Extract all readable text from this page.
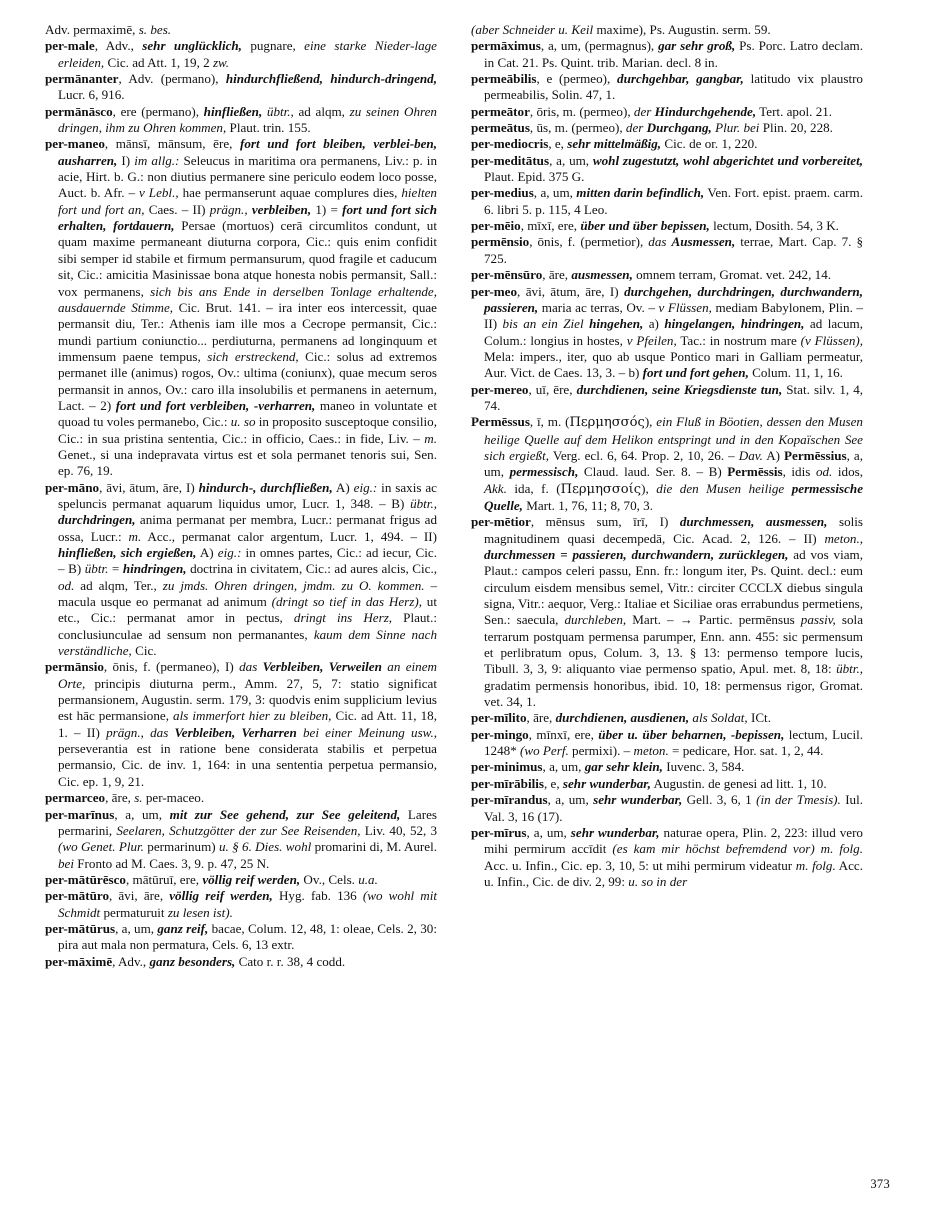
Adv. permaximē, s. bes.

per-male, Adv., sehr unglücklich, pugnare, eine starke Nieder-lage erleiden, Cic. ad Att. 1, 19, 2 zw.

permānanter, Adv. (permano), hindurchfließend, hindurch-dringend, Lucr. 6, 916.

permānāsco, ere (permano), hinfließen, übtr., ad alqm, zu seinen Ohren dringen, ihm zu Ohren kommen, Plaut. trin. 155.

per-maneo, mānsī, mānsum, ēre, fort und fort bleiben, verblei-ben, ausharren, I) im allg.: Seleucus in maritima ora permanens, Liv.: p. in acie, Hirt. b. G.: non diutius permanere sine periculo eodem loco posse, Auct. b. Afr. – v Lebl., hae permanserunt aquae complures dies, hielten fort und fort an, Caes. – II) prägn., verbleiben, 1) = fort und fort sich erhalten, fortdauern, Persae (mortuos) cerā circumlitos condunt, ut quam maxime permaneant diuturna corpora, Cic.: quis enim confidit sibi semper id stabile et firmum permansurum, quod fragile et caducum sit, Cic.: amicitia Masinissae bona atque honesta nobis permansit, Sall.: vox permanens, sich bis ans Ende in derselben Tonlage erhaltende, ausdauernde Stimme, Cic. Brut. 141. – ira inter eos intercessit, quae permansit diu, Ter.: Athenis iam ille mos a Cecrope permansit, Cic.: mundi partium coniunctio... perdiuturna, permanens ad longinquum et immensum paene tempus, sich erstreckend, Cic.: solus ad extremos permanet ille (animus) rogos, Ov.: ultima (coniunx), quae mecum seros permansit in annos, Ov.: caro illa insolubilis et permanens in aeternum, Lact. – 2) fort und fort verbleiben, -verharren, maneo in voluntate et quoad tu voles permanebo, Cic.: u. so in proposito susceptoque consilio, Cic.: in sua pristina sententia, Cic.: in officio, Caes.: in fide, Liv. – m. Genet., si una indepravata virtus est et sola permanet tenoris sui, Sen. ep. 76, 19.

per-māno, āvi, ātum, āre, I) hindurch-, durchfließen, A) eig.: in saxis ac speluncis permanat aquarum liquidus umor, Lucr. 1, 348. – B) übtr., durchdringen, anima permanat per membra, Lucr.: permanat frigus ad ossa, Lucr.: m. Acc., permanat calor argentum, Lucr. 1, 494. – II) hinfließen, sich ergießen, A) eig.: in omnes partes, Cic.: ad iecur, Cic. – B) übtr. = hindringen, doctrina in civitatem, Cic.: ad aures alcis, Cic., od. ad alqm, Ter., zu jmds. Ohren dringen, jmdm. zu O. kommen. – macula usque eo permanat ad animum (dringt so tief in das Herz), ut etc., Cic.: permanat amor in pectus, dringt ins Herz, Plaut.: conclusiunculae ad sensum non permanantes, kaum dem Sinne nach verständliche, Cic.

permānsio, ōnis, f. (permaneo), I) das Verbleiben, Verweilen an einem Orte, principis diuturna perm., Amm. 27, 5, 7: statio significat permansionem, Augustin. serm. 179, 3: quodvis enim supplicium levius est hāc permansione, als immerfort hier zu bleiben, Cic. ad Att. 11, 18, 1. – II) prägn., das Verbleiben, Verharren bei einer Meinung usw., perseverantia est in ratione bene considerata stabilis et perpetua permansio, Cic. de inv. 1, 164: in una sententia perpetua permansio, Cic. ep. 1, 9, 21.

permarceo, āre, s. per-maceo.

per-marīnus, a, um, mit zur See gehend, zur See geleitend, Lares permarini, Seelaren, Schutzgötter der zur See Reisenden, Liv. 40, 52, 3 (wo Genet. Plur. permarinum) u. § 6. Dies. wohl promarini di, M. Aurel. bei Fronto ad M. Caes. 3, 9. p. 47, 25 N.

per-mātūrēsco, mātūruī, ere, völlig reif werden, Ov., Cels. u.a.

per-mātūro, āvi, āre, völlig reif werden, Hyg. fab. 136 (wo wohl mit Schmidt permaturuit zu lesen ist).

per-mātūrus, a, um, ganz reif, bacae, Colum. 12, 48, 1: oleae, Cels. 2, 30: pira aut mala non permatura, Cels. 6, 13 extr.

per-māximē, Adv., ganz besonders, Cato r. r. 38, 4 codd.

(aber Schneider u. Keil maxime), Ps. Augustin. serm. 59.

permāximus, a, um, (permagnus), gar sehr groß, Ps. Porc. Latro declam. in Cat. 21. Ps. Quint. trib. Marian. decl. 8 in.

permeābilis, e (permeo), durchgehbar, gangbar, latitudo vix plaustro permeabilis, Solin. 47, 1.

permeātor, ōris, m. (permeo), der Hindurchgehende, Tert. apol. 21.

permeātus, ūs, m. (permeo), der Durchgang, Plur. bei Plin. 20, 228.

per-mediocris, e, sehr mittelmäßig, Cic. de or. 1, 220.

per-meditātus, a, um, wohl zugestutzt, wohl abgerichtet und vorbereitet, Plaut. Epid. 375 G.

per-medius, a, um, mitten darin befindlich, Ven. Fort. epist. praem. carm. 6. libri 5. p. 115, 4 Leo.

per-mēio, mīxī, ere, über und über bepissen, lectum, Dosith. 54, 3 K.

permēnsio, ōnis, f. (permetior), das Ausmessen, terrae, Mart. Cap. 7. § 725.

per-mēnsūro, āre, ausmessen, omnem terram, Gromat. vet. 242, 14.

per-meo, āvi, ātum, āre, I) durchgehen, durchdringen, durchwandern, passieren, maria ac terras, Ov. – v Flüssen, mediam Babylonem, Plin. – II) bis an ein Ziel hingehen, a) hingelangen, hindringen, ad lacum, Colum.: longius in hostes, v Pfeilen, Tac.: in nostrum mare (v Flüssen), Mela: impers., iter, quo ab usque Pontico mari in Galliam permeatur, Aur. Vict. de Caes. 13, 3. – b) fort und fort gehen, Colum. 11, 1, 16.

per-mereo, uī, ēre, durchdienen, seine Kriegsdienste tun, Stat. silv. 1, 4, 74.

Permēssus, ī, m. (Περμησσός), ein Fluß in Böotien, dessen den Musen heilige Quelle auf dem Helikon entspringt und in den Kopaïschen See sich ergießt, Verg. ecl. 6, 64. Prop. 2, 10, 26. – Dav. A) Permēssius, a, um, permessisch, Claud. laud. Ser. 8. – B) Permēssis, idis od. idos, Akk. ida, f. (Περμησσοίς), die den Musen heilige permessische Quelle, Mart. 1, 76, 11; 8, 70, 3.

per-mētior, mēnsus sum, īrī, I) durchmessen, ausmessen, solis magnitudinem quasi decempedā, Cic. Acad. 2, 126. – II) meton., durchmessen = passieren, durchwandern, zurücklegen, ad vos viam, Plaut.: campos celeri passu, Enn. fr.: longum iter, Ps. Quint. decl.: eum circulum eisdem mensibus semel, Vitr.: circiter CCCLX diebus singula signa, Vitr.: aequor, Verg.: Italiae et Siciliae oras errabundus permetiens, Sen.: saecula, durchleben, Mart. – → Partic. permēnsus passiv, sola terrarum postquam permensa parumper, Enn. ann. 455: sic permensum et perlibratum opus, Colum. 3, 13. § 13: permenso tempore lucis, Tibull. 3, 3, 9: aliquanto viae permenso spatio, Apul. met. 8, 18: übtr., gradatim permensis honoribus, ibid. 10, 18: permensus rigor, Gromat. vet. 34, 1.

per-mīlito, āre, durchdienen, ausdienen, als Soldat, ICt.

per-mingo, mīnxī, ere, über u. über beharnen, -bepissen, lectum, Lucil. 1248* (wo Perf. permixi). – meton. = pedicare, Hor. sat. 1, 2, 44.

per-minimus, a, um, gar sehr klein, Iuvenc. 3, 584.

per-mīrābilis, e, sehr wunderbar, Augustin. de genesi ad litt. 1, 10.

per-mīrandus, a, um, sehr wunderbar, Gell. 3, 6, 1 (in der Tmesis). Iul. Val. 3, 16 (17).

per-mīrus, a, um, sehr wunderbar, naturae opera, Plin. 2, 223: illud vero mihi permirum accīdit (es kam mir höchst befremdend vor) m. folg. Acc. u. Infin., Cic. ep. 3, 10, 5: ut mihi permirum videatur m. folg. Acc. u. Infin., Cic. de div. 2, 99: u. so in der

373
